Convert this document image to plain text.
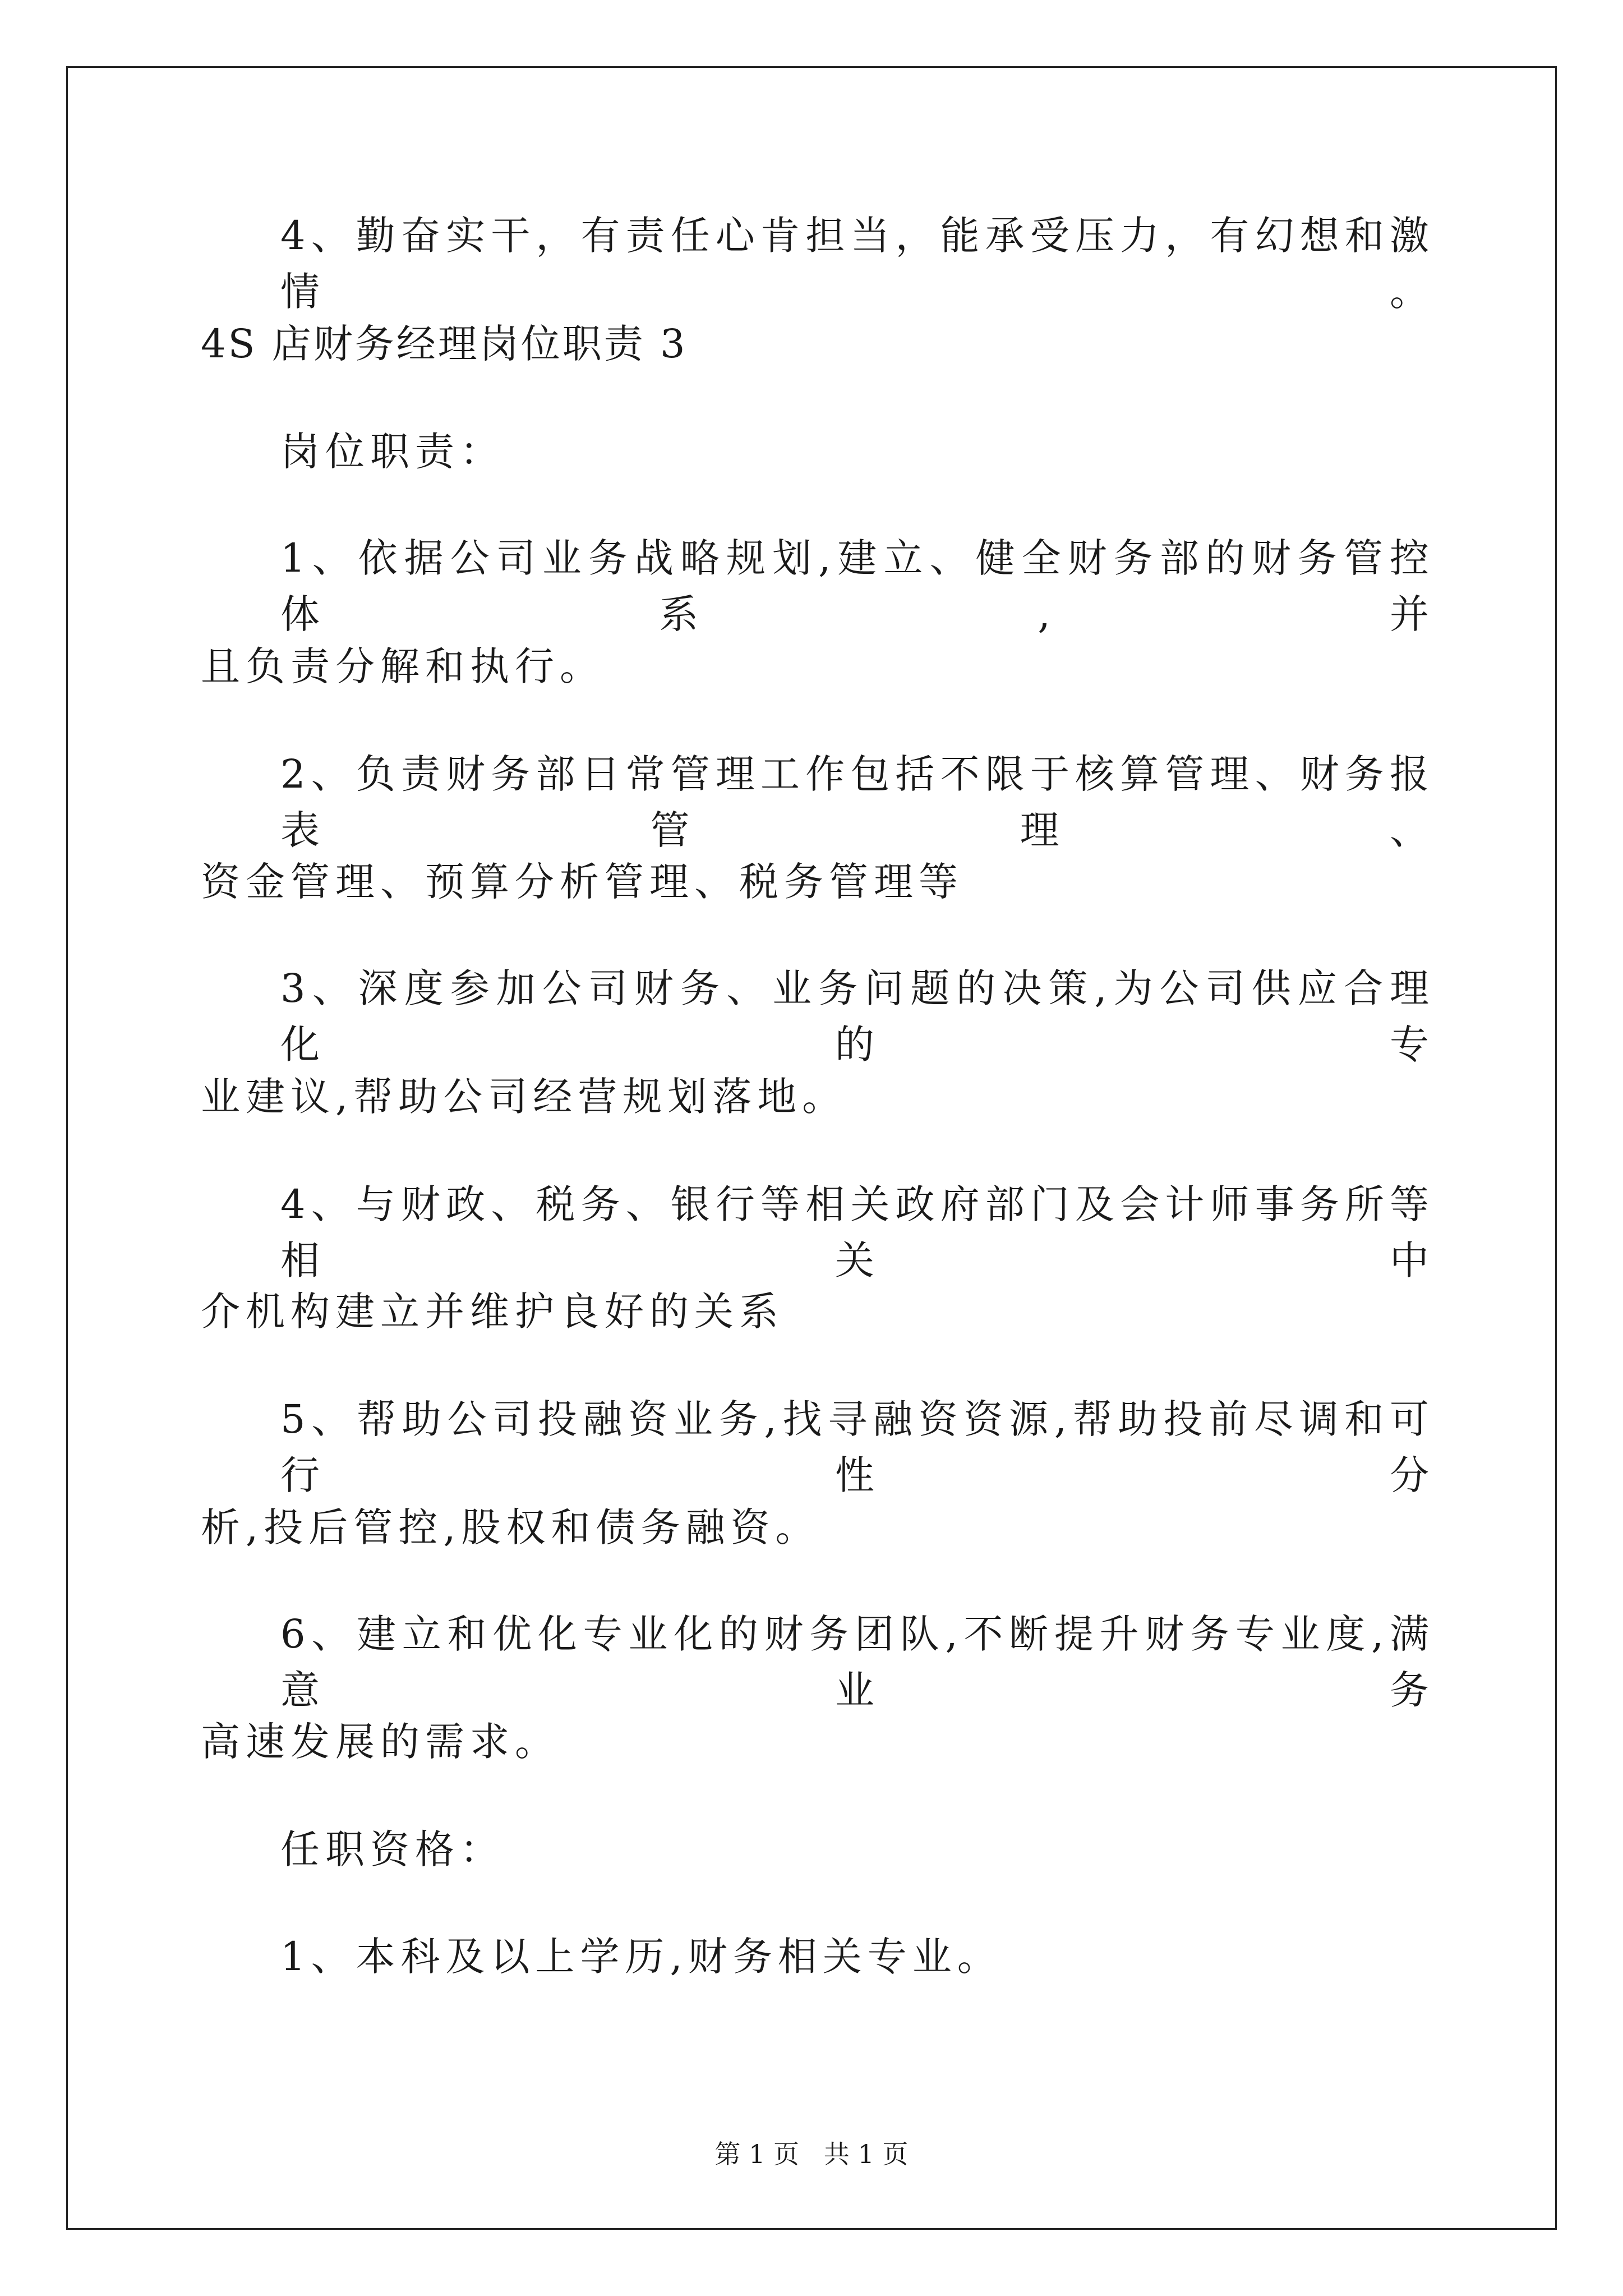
4、勤奋实干，有责任心肯担当，能承受压力，有幻想和激情。
4S 店财务经理岗位职责 3
岗位职责：
1、依据公司业务战略规划,建立、健全财务部的财务管控体系,并
且负责分解和执行。
2、负责财务部日常管理工作包括不限于核算管理、财务报表管理、
资金管理、预算分析管理、税务管理等
3、深度参加公司财务、业务问题的决策,为公司供应合理化的专
业建议,帮助公司经营规划落地。
4、与财政、税务、银行等相关政府部门及会计师事务所等相关中
介机构建立并维护良好的关系
5、帮助公司投融资业务,找寻融资资源,帮助投前尽调和可行性分
析,投后管控,股权和债务融资。
6、建立和优化专业化的财务团队,不断提升财务专业度,满意业务
高速发展的需求。
任职资格：
1、本科及以上学历,财务相关专业。
第 1 页   共 1 页
